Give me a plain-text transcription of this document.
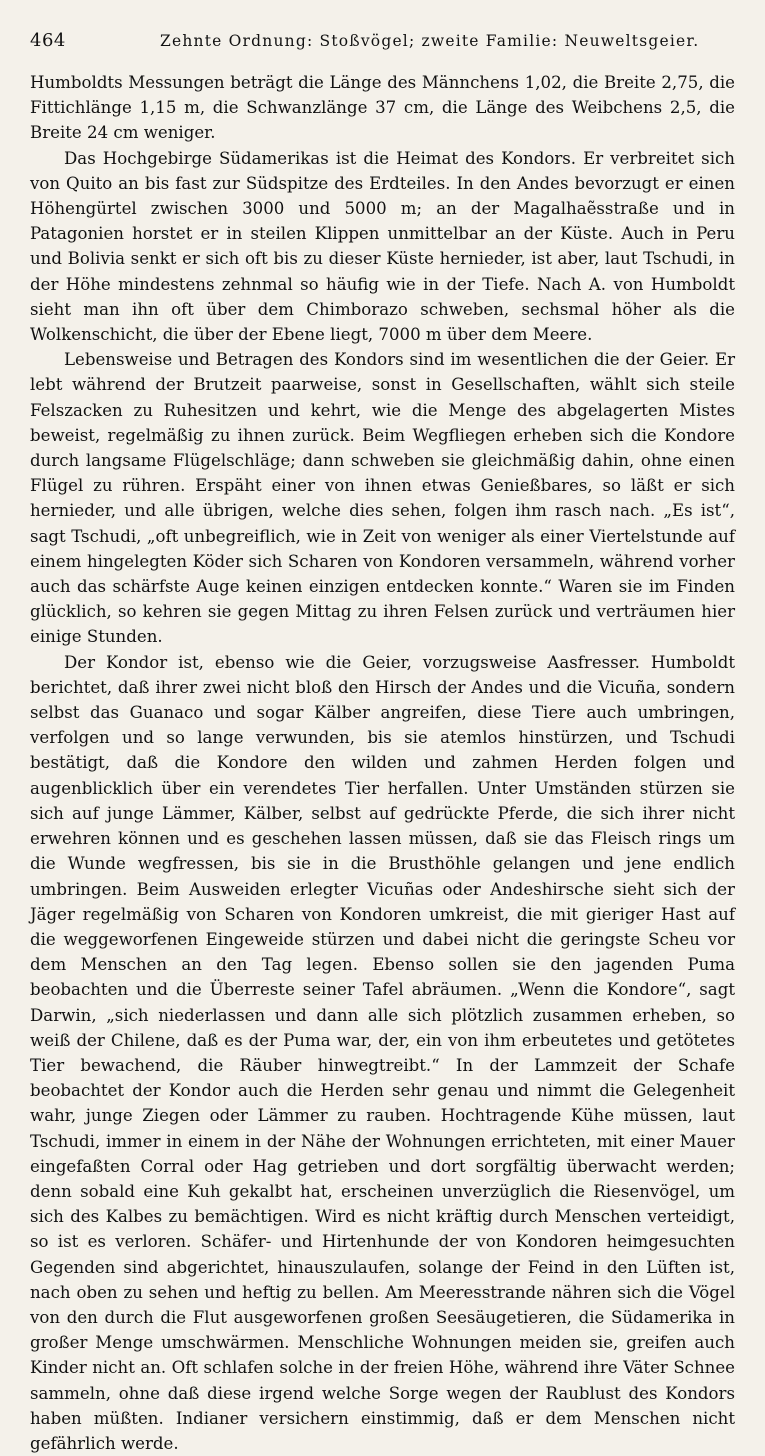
464	Zehnte Ordnung: Stoßvögel; zweite Familie: Neuweltsgeier.

Humboldts Messungen beträgt die Länge des Männchens 1,02, die Breite 2,75, die Fittichlänge 1,15 m, die Schwanzlänge 37 cm, die Länge des Weibchens 2,5, die Breite 24 cm weniger.

Das Hochgebirge Südamerikas ist die Heimat des Kondors. Er verbreitet sich von Quito an bis fast zur Südspitze des Erdteiles. In den Andes bevorzugt er einen Höhengürtel zwischen 3000 und 5000 m; an der Magalhaẽsstraße und in Patagonien horstet er in steilen Klippen unmittelbar an der Küste. Auch in Peru und Bolivia senkt er sich oft bis zu dieser Küste hernieder, ist aber, laut Tschudi, in der Höhe mindestens zehnmal so häufig wie in der Tiefe. Nach A. von Humboldt sieht man ihn oft über dem Chimborazo schweben, sechsmal höher als die Wolkenschicht, die über der Ebene liegt, 7000 m über dem Meere.

Lebensweise und Betragen des Kondors sind im wesentlichen die der Geier. Er lebt während der Brutzeit paarweise, sonst in Gesellschaften, wählt sich steile Felszacken zu Ruhesitzen und kehrt, wie die Menge des abgelagerten Mistes beweist, regelmäßig zu ihnen zurück. Beim Wegfliegen erheben sich die Kondore durch langsame Flügelschläge; dann schweben sie gleichmäßig dahin, ohne einen Flügel zu rühren. Erspäht einer von ihnen etwas Genießbares, so läßt er sich hernieder, und alle übrigen, welche dies sehen, folgen ihm rasch nach. „Es ist“, sagt Tschudi, „oft unbegreiflich, wie in Zeit von weniger als einer Viertelstunde auf einem hingelegten Köder sich Scharen von Kondoren versammeln, während vorher auch das schärfste Auge keinen einzigen entdecken konnte.“ Waren sie im Finden glücklich, so kehren sie gegen Mittag zu ihren Felsen zurück und verträumen hier einige Stunden.

Der Kondor ist, ebenso wie die Geier, vorzugsweise Aasfresser. Humboldt berichtet, daß ihrer zwei nicht bloß den Hirsch der Andes und die Vicuña, sondern selbst das Guanaco und sogar Kälber angreifen, diese Tiere auch umbringen, verfolgen und so lange verwunden, bis sie atemlos hinstürzen, und Tschudi bestätigt, daß die Kondore den wilden und zahmen Herden folgen und augenblicklich über ein verendetes Tier herfallen. Unter Umständen stürzen sie sich auf junge Lämmer, Kälber, selbst auf gedrückte Pferde, die sich ihrer nicht erwehren können und es geschehen lassen müssen, daß sie das Fleisch rings um die Wunde wegfressen, bis sie in die Brusthöhle gelangen und jene endlich umbringen. Beim Ausweiden erlegter Vicuñas oder Andeshirsche sieht sich der Jäger regelmäßig von Scharen von Kondoren umkreist, die mit gieriger Hast auf die weggeworfenen Eingeweide stürzen und dabei nicht die geringste Scheu vor dem Menschen an den Tag legen. Ebenso sollen sie den jagenden Puma beobachten und die Überreste seiner Tafel abräumen. „Wenn die Kondore“, sagt Darwin, „sich niederlassen und dann alle sich plötzlich zusammen erheben, so weiß der Chilene, daß es der Puma war, der, ein von ihm erbeutetes und getötetes Tier bewachend, die Räuber hinwegtreibt.“ In der Lammzeit der Schafe beobachtet der Kondor auch die Herden sehr genau und nimmt die Gelegenheit wahr, junge Ziegen oder Lämmer zu rauben. Hochtragende Kühe müssen, laut Tschudi, immer in einem in der Nähe der Wohnungen errichteten, mit einer Mauer eingefaßten Corral oder Hag getrieben und dort sorgfältig überwacht werden; denn sobald eine Kuh gekalbt hat, erscheinen unverzüglich die Riesenvögel, um sich des Kalbes zu bemächtigen. Wird es nicht kräftig durch Menschen verteidigt, so ist es verloren. Schäfer- und Hirtenhunde der von Kondoren heimgesuchten Gegenden sind abgerichtet, hinauszulaufen, solange der Feind in den Lüften ist, nach oben zu sehen und heftig zu bellen. Am Meeresstrande nähren sich die Vögel von den durch die Flut ausgeworfenen großen Seesäugetieren, die Südamerika in großer Menge umschwärmen. Menschliche Wohnungen meiden sie, greifen auch Kinder nicht an. Oft schlafen solche in der freien Höhe, während ihre Väter Schnee sammeln, ohne daß diese irgend welche Sorge wegen der Raublust des Kondors haben müßten. Indianer versichern einstimmig, daß er dem Menschen nicht gefährlich werde.
